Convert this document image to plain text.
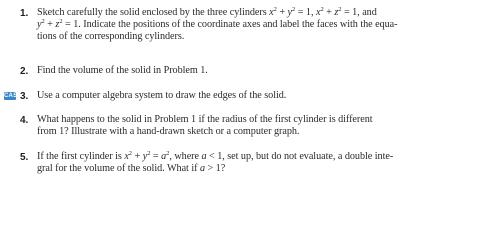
1. Sketch carefully the solid enclosed by the three cylinders $x^2 + y^2 = 1$, $x^2 + z^2 = 1$, and
$y^2 + z^2 = 1$. Indicate the positions of the coordinate axes and label the faces with the equa-
tions of the corresponding cylinders.
2. Find the volume of the solid in Problem 1.
CAS 3. Use a computer algebra system to draw the edges of the solid.
4. What happens to the solid in Problem 1 if the radius of the first cylinder is different
from 1? Illustrate with a hand-drawn sketch or a computer graph.
5. If the first cylinder is $x^2 + y^2 = a^2$, where a < 1, set up, but do not evaluate, a double inte-
gral for the volume of the solid. What if a > 1?
